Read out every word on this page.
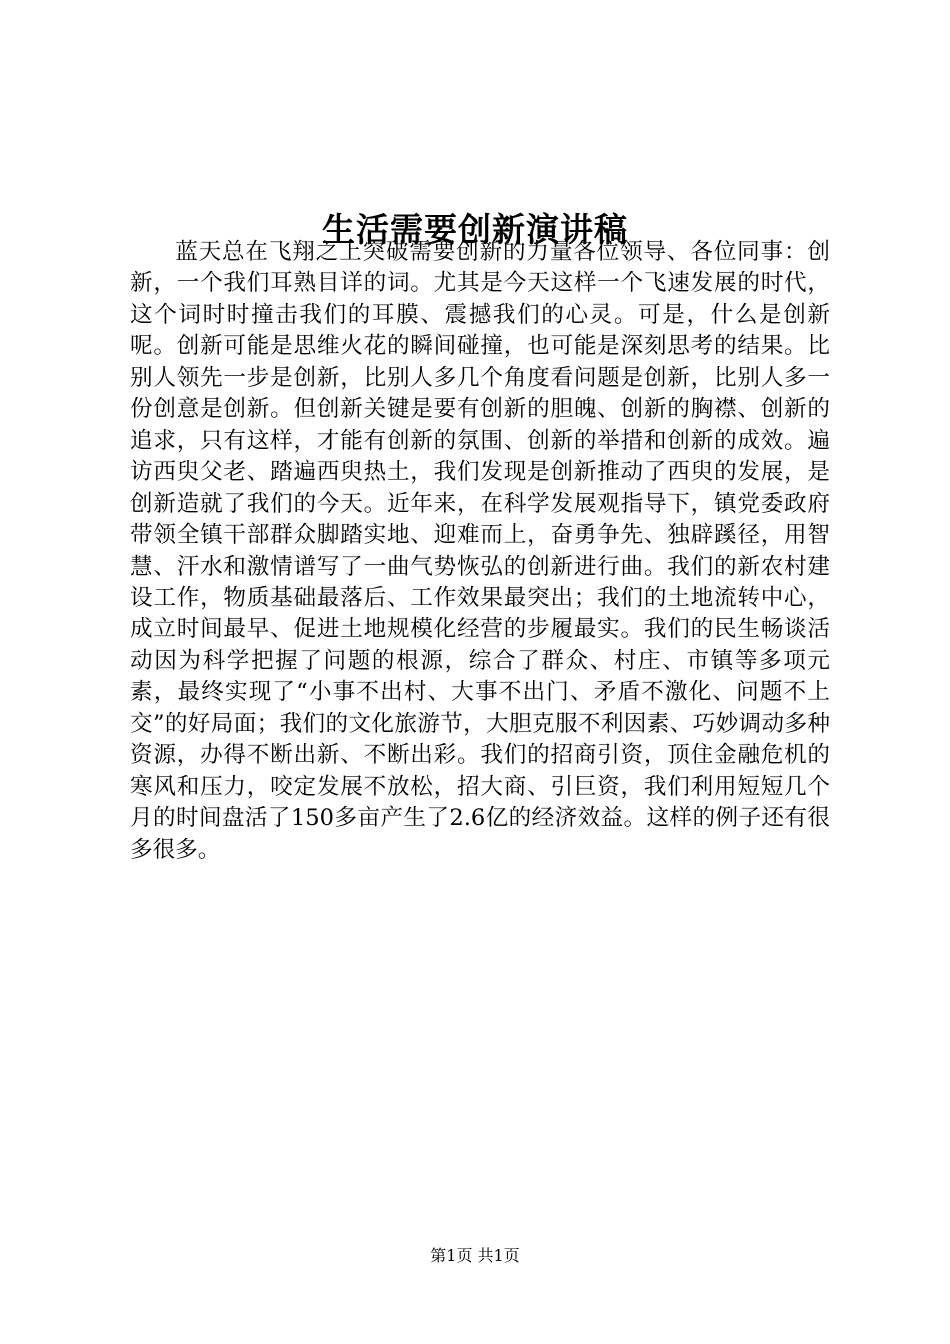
生活需要创新演讲稿

蓝天总在飞翔之上突破需要创新的力量各位领导、各位同事：创新，一个我们耳熟目详的词。尤其是今天这样一个飞速发展的时代，这个词时时撞击我们的耳膜、震撼我们的心灵。可是，什么是创新呢。创新可能是思维火花的瞬间碰撞，也可能是深刻思考的结果。比别人领先一步是创新，比别人多几个角度看问题是创新，比别人多一份创意是创新。但创新关键是要有创新的胆魄、创新的胸襟、创新的追求，只有这样，才能有创新的氛围、创新的举措和创新的成效。遍访西臾父老、踏遍西臾热土，我们发现是创新推动了西臾的发展，是创新造就了我们的今天。近年来，在科学发展观指导下，镇党委政府带领全镇干部群众脚踏实地、迎难而上，奋勇争先、独辟蹊径，用智慧、汗水和激情谱写了一曲气势恢弘的创新进行曲。我们的新农村建设工作，物质基础最落后、工作效果最突出；我们的土地流转中心，成立时间最早、促进土地规模化经营的步履最实。我们的民生畅谈活动因为科学把握了问题的根源，综合了群众、村庄、市镇等多项元素，最终实现了“小事不出村、大事不出门、矛盾不激化、问题不上交”的好局面；我们的文化旅游节，大胆克服不利因素、巧妙调动多种资源，办得不断出新、不断出彩。我们的招商引资，顶住金融危机的寒风和压力，咬定发展不放松，招大商、引巨资，我们利用短短几个月的时间盘活了150多亩产生了2.6亿的经济效益。这样的例子还有很多很多。

第1页 共1页
